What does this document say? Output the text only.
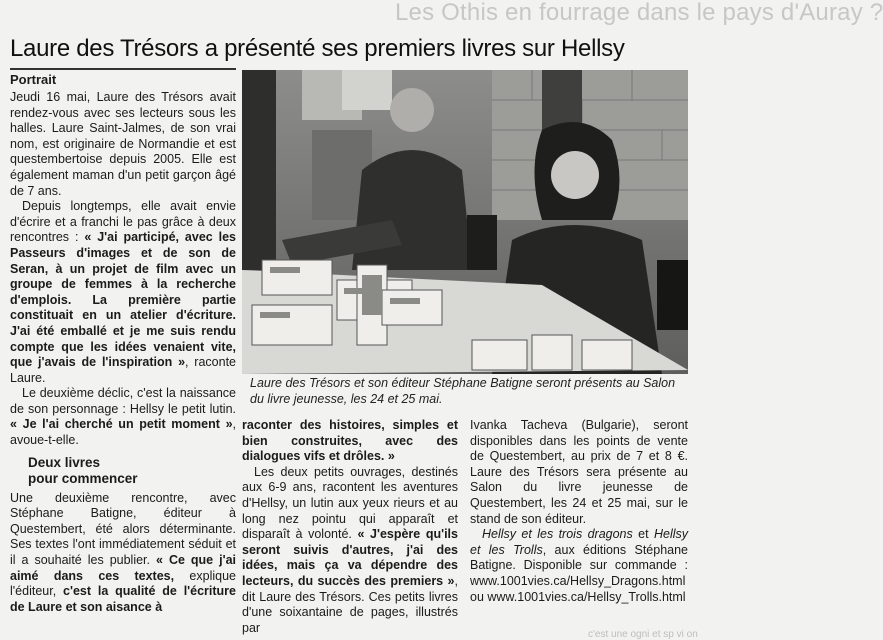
Les Othis en fourrage dans le pays d'Auray ?
Laure des Trésors a présenté ses premiers livres sur Hellsy
Portrait

Jeudi 16 mai, Laure des Trésors avait rendez-vous avec ses lecteurs sous les halles. Laure Saint-Jalmes, de son vrai nom, est originaire de Normandie et est questembertoise depuis 2005. Elle est également maman d'un petit garçon âgé de 7 ans.

Depuis longtemps, elle avait envie d'écrire et a franchi le pas grâce à deux rencontres : « J'ai participé, avec les Passeurs d'images et de son de Seran, à un projet de film avec un groupe de femmes à la recherche d'emplois. La première partie constituait en un atelier d'écriture. J'ai été emballé et je me suis rendu compte que les idées venaient vite, que j'avais de l'inspiration », raconte Laure.

Le deuxième déclic, c'est la naissance de son personnage : Hellsy le petit lutin. « Je l'ai cherché un petit moment », avoue-t-elle.

Deux livres
pour commencer

Une deuxième rencontre, avec Stéphane Batigne, éditeur à Questembert, été alors déterminante. Ses textes l'ont immédiatement séduit et il a souhaité les publier. « Ce que j'ai aimé dans ces textes, explique l'éditeur, c'est la qualité de l'écriture de Laure et son aisance à

Laure des Trésors et son éditeur Stéphane Batigne seront présents au Salon du livre jeunesse, les 24 et 25 mai.

raconter des histoires, simples et bien construites, avec des dialogues vifs et drôles. »

Les deux petits ouvrages, destinés aux 6-9 ans, racontent les aventures d'Hellsy, un lutin aux yeux rieurs et au long nez pointu qui apparaît et disparaît à volonté. « J'espère qu'ils seront suivis d'autres, j'ai des idées, mais ça va dépendre des lecteurs, du succès des premiers », dit Laure des Trésors. Ces petits livres d'une soixantaine de pages, illustrés par

Ivanka Tacheva (Bulgarie), seront disponibles dans les points de vente de Questembert, au prix de 7 et 8 €. Laure des Trésors sera présente au Salon du livre jeunesse de Questembert, les 24 et 25 mai, sur le stand de son éditeur.

Hellsy et les trois dragons et Hellsy et les Trolls, aux éditions Stéphane Batigne. Disponible sur commande : www.1001vies.ca/Hellsy_Dragons.html ou www.1001vies.ca/Hellsy_Trolls.html

c'est une ogni et sp vi on
